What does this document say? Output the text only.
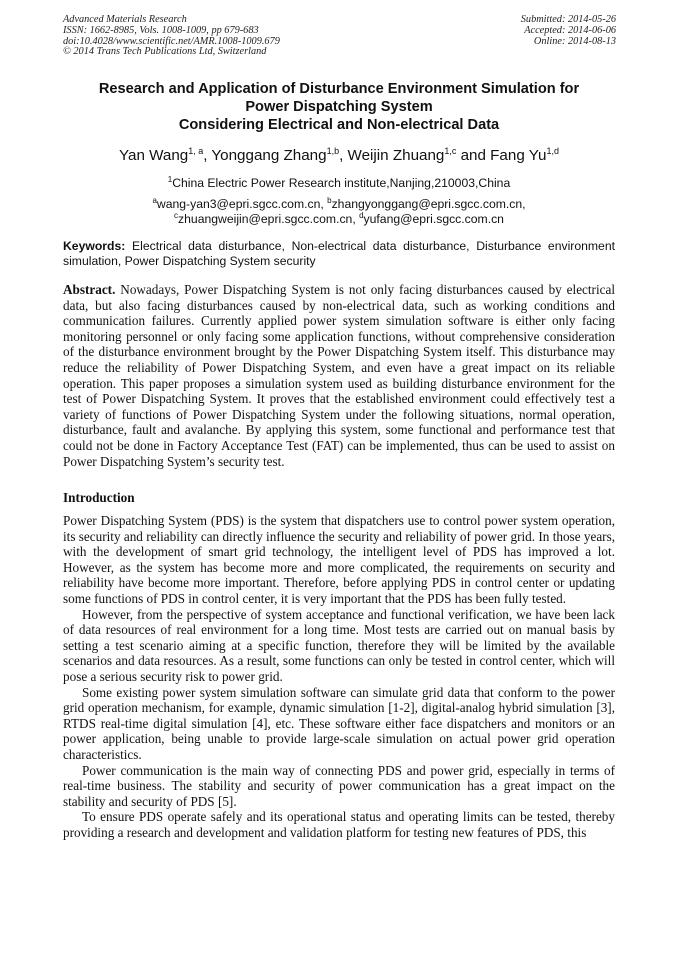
Advanced Materials Research
ISSN: 1662-8985, Vols. 1008-1009, pp 679-683
doi:10.4028/www.scientific.net/AMR.1008-1009.679
© 2014 Trans Tech Publications Ltd, Switzerland
Submitted: 2014-05-26
Accepted: 2014-06-06
Online: 2014-08-13
Research and Application of Disturbance Environment Simulation for
Power Dispatching System
Considering Electrical and Non-electrical Data
Yan Wang$^{1, a}$, Yonggang Zhang$^{1,b}$, Weijin Zhuang$^{1,c}$ and Fang Yu$^{1,d}$
$^1$China Electric Power Research institute,Nanjing,210003,China
$^a$wang-yan3@epri.sgcc.com.cn, $^b$zhangyonggang@epri.sgcc.com.cn,
$^c$zhuangweijin@epri.sgcc.com.cn, $^d$yufang@epri.sgcc.com.cn
Keywords: Electrical data disturbance, Non-electrical data disturbance, Disturbance environment simulation, Power Dispatching System security
Abstract. Nowadays, Power Dispatching System is not only facing disturbances caused by electrical data, but also facing disturbances caused by non-electrical data, such as working conditions and communication failures. Currently applied power system simulation software is either only facing monitoring personnel or only facing some application functions, without comprehensive consideration of the disturbance environment brought by the Power Dispatching System itself. This disturbance may reduce the reliability of Power Dispatching System, and even have a great impact on its reliable operation. This paper proposes a simulation system used as building disturbance environment for the test of Power Dispatching System. It proves that the established environment could effectively test a variety of functions of Power Dispatching System under the following situations, normal operation, disturbance, fault and avalanche. By applying this system, some functional and performance test that could not be done in Factory Acceptance Test (FAT) can be implemented, thus can be used to assist on Power Dispatching System’s security test.
Introduction

Power Dispatching System (PDS) is the system that dispatchers use to control power system operation, its security and reliability can directly influence the security and reliability of power grid. In those years, with the development of smart grid technology, the intelligent level of PDS has improved a lot. However, as the system has become more and more complicated, the requirements on security and reliability have become more important. Therefore, before applying PDS in control center or updating some functions of PDS in control center, it is very important that the PDS has been fully tested.

However, from the perspective of system acceptance and functional verification, we have been lack of data resources of real environment for a long time. Most tests are carried out on manual basis by setting a test scenario aiming at a specific function, therefore they will be limited by the available scenarios and data resources. As a result, some functions can only be tested in control center, which will pose a serious security risk to power grid.

Some existing power system simulation software can simulate grid data that conform to the power grid operation mechanism, for example, dynamic simulation [1-2], digital-analog hybrid simulation [3], RTDS real-time digital simulation [4], etc. These software either face dispatchers and monitors or an power application, being unable to provide large-scale simulation on actual power grid operation characteristics.

Power communication is the main way of connecting PDS and power grid, especially in terms of real-time business. The stability and security of power communication has a great impact on the stability and security of PDS [5].

To ensure PDS operate safely and its operational status and operating limits can be tested, thereby providing a research and development and validation platform for testing new features of PDS, this
